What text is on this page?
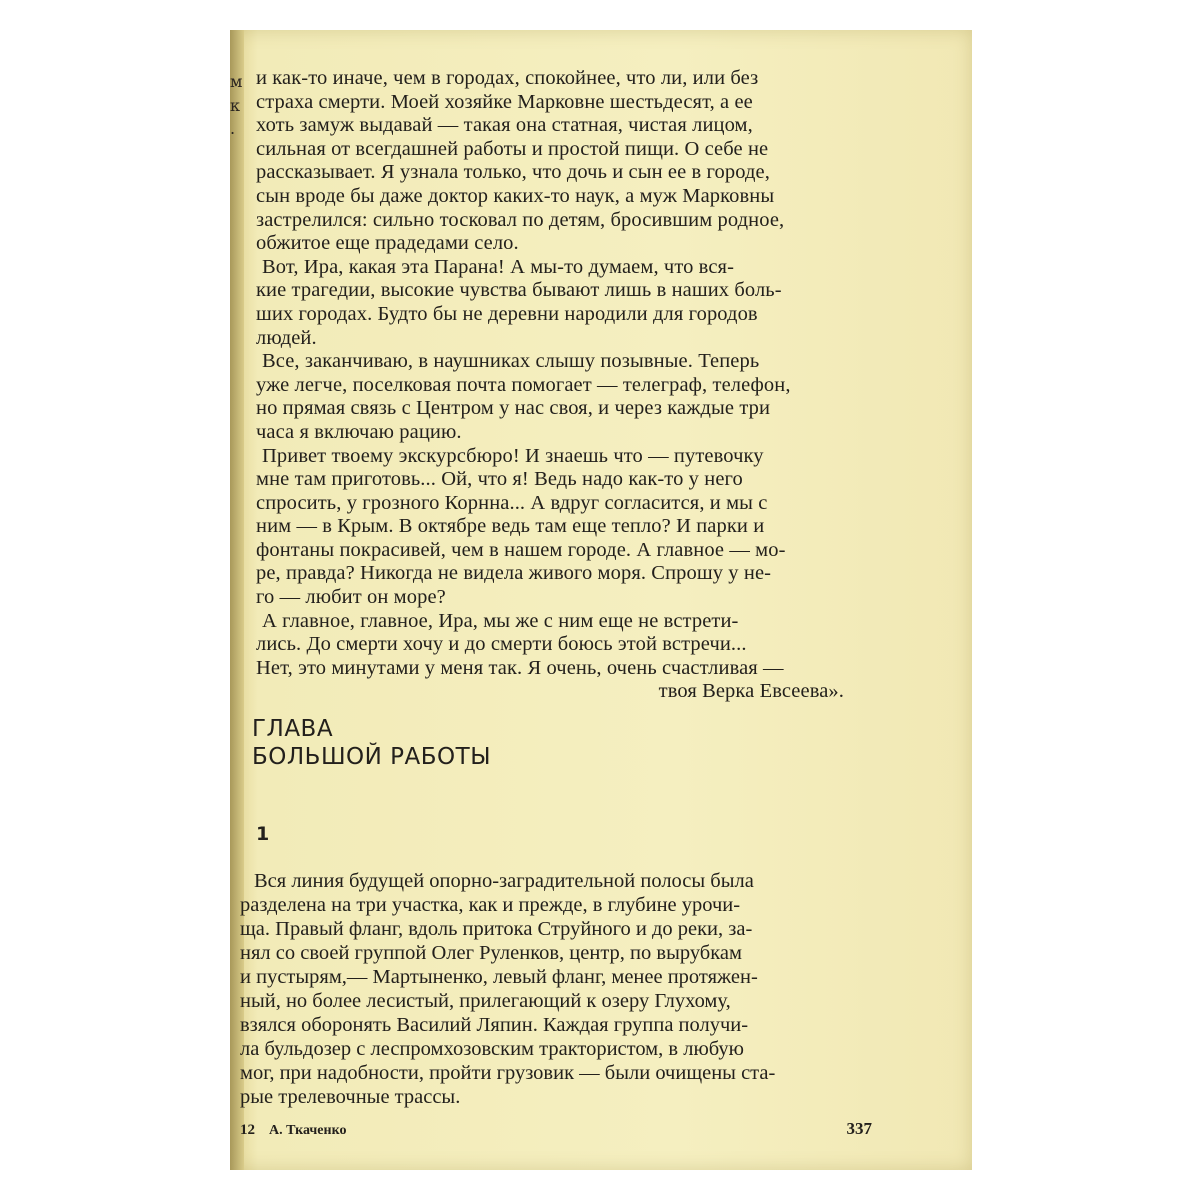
м
к
.

и как-то иначе, чем в городах, спокойнее, что ли, или без

страха смерти. Моей хозяйке Марковне шестьдесят, а ее

хоть замуж выдавай — такая она статная, чистая лицом,

сильная от всегдашней работы и простой пищи. О себе не

рассказывает. Я узнала только, что дочь и сын ее в городе,

сын вроде бы даже доктор каких-то наук, а муж Марковны

застрелился: сильно тосковал по детям, бросившим родное,

обжитое еще прадедами село.

Вот, Ира, какая эта Парана! А мы-то думаем, что вся-

кие трагедии, высокие чувства бывают лишь в наших боль-

ших городах. Будто бы не деревни народили для городов

людей.

Все, заканчиваю, в наушниках слышу позывные. Теперь

уже легче, поселковая почта помогает — телеграф, телефон,

но прямая связь с Центром у нас своя, и через каждые три

часа я включаю рацию.

Привет твоему экскурсбюро! И знаешь что — путевочку

мне там приготовь... Ой, что я! Ведь надо как-то у него

спросить, у грозного Корнна... А вдруг согласится, и мы с

ним — в Крым. В октябре ведь там еще тепло? И парки и

фонтаны покрасивей, чем в нашем городе. А главное — мо-

ре, правда? Никогда не видела живого моря. Спрошу у не-

го — любит он море?

А главное, главное, Ира, мы же с ним еще не встрети-

лись. До смерти хочу и до смерти боюсь этой встречи...

Нет, это минутами у меня так. Я очень, очень счастливая —

твоя Верка Евсеева».

ГЛАВА
БОЛЬШОЙ РАБОТЫ
1

Вся линия будущей опорно-заградительной полосы была

разделена на три участка, как и прежде, в глубине урочи-

ща. Правый фланг, вдоль притока Струйного и до реки, за-

нял со своей группой Олег Руленков, центр, по вырубкам

и пустырям,— Мартыненко, левый фланг, менее протяжен-

ный, но более лесистый, прилегающий к озеру Глухому,

взялся оборонять Василий Ляпин. Каждая группа получи-

ла бульдозер с леспромхозовским трактористом, в любую

мог, при надобности, пройти грузовик — были очищены ста-

рые трелевочные трассы.

12 А. Ткаченко	337
